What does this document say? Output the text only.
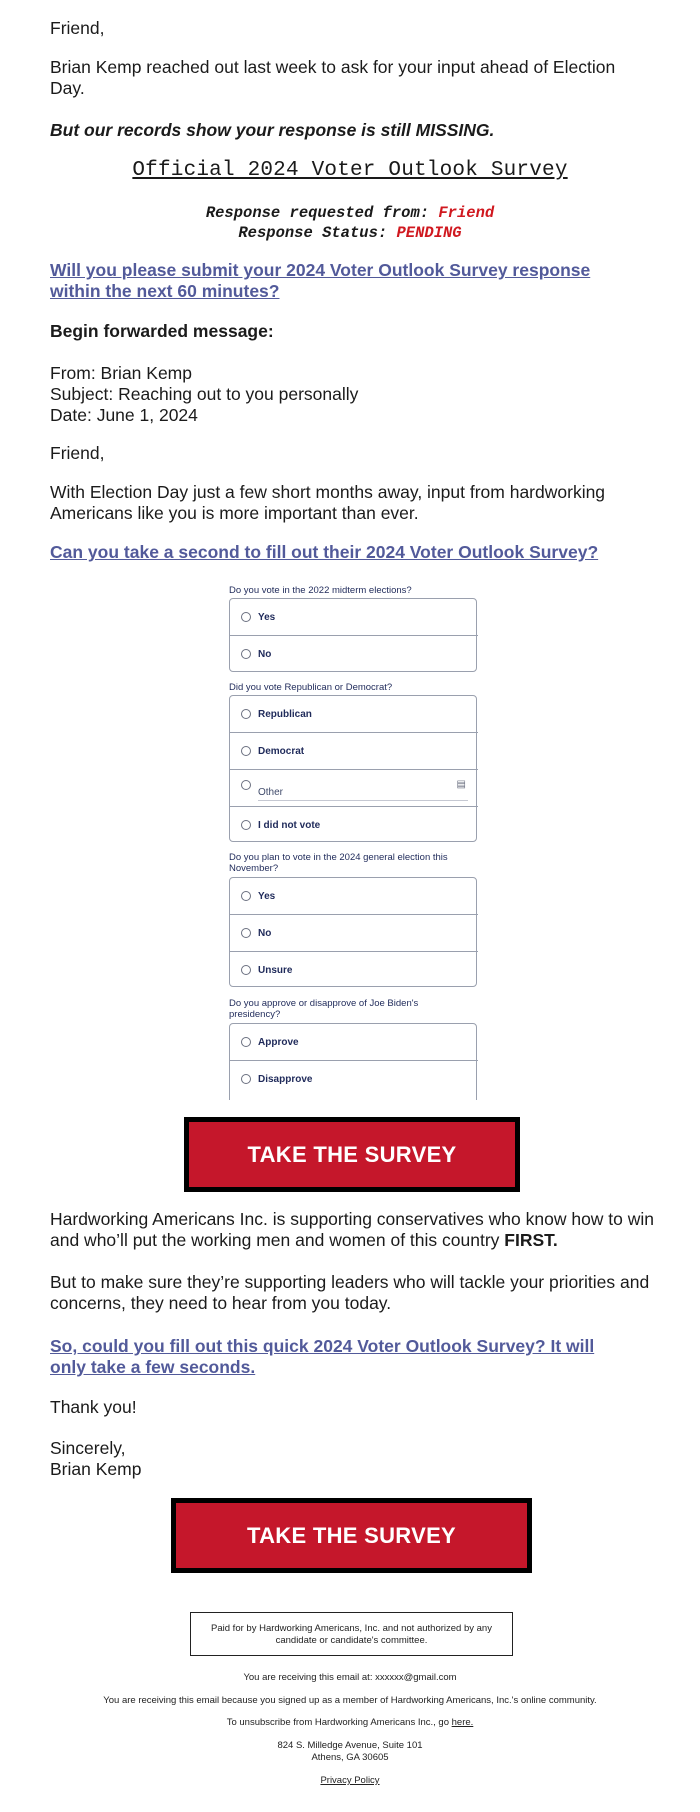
Friend,

Brian Kemp reached out last week to ask for your input ahead of Election Day.

But our records show your response is still MISSING.

Official 2024 Voter Outlook Survey
Response requested from: Friend
Response Status: PENDING
Will you please submit your 2024 Voter Outlook Survey response within the next 60 minutes?

Begin forwarded message:

From: Brian Kemp

Subject: Reaching out to you personally

Date: June 1, 2024

Friend,

With Election Day just a few short months away, input from hardworking Americans like you is more important than ever.

Can you take a second to fill out their 2024 Voter Outlook Survey?
Do you vote in the 2022 midterm elections?
Yes
No
Did you vote Republican or Democrat?
Republican
Democrat
Other
▤
I did not vote
Do you plan to vote in the 2024 general election this November?
Yes
No
Unsure
Do you approve or disapprove of Joe Biden's presidency?
Approve
Disapprove
TAKE THE SURVEY

Hardworking Americans Inc. is supporting conservatives who know how to win and who’ll put the working men and women of this country FIRST.

But to make sure they’re supporting leaders who will tackle your priorities and concerns, they need to hear from you today.

So, could you fill out this quick 2024 Voter Outlook Survey? It will only take a few seconds.

Thank you!

Sincerely,

Brian Kemp

TAKE THE SURVEY
Paid for by Hardworking Americans, Inc. and not authorized by any candidate or candidate's committee.
You are receiving this email at: xxxxxx@gmail.com
You are receiving this email because you signed up as a member of Hardworking Americans, Inc.'s online community.
To unsubscribe from Hardworking Americans Inc., go here.
824 S. Milledge Avenue, Suite 101
Athens, GA 30605
Privacy Policy
